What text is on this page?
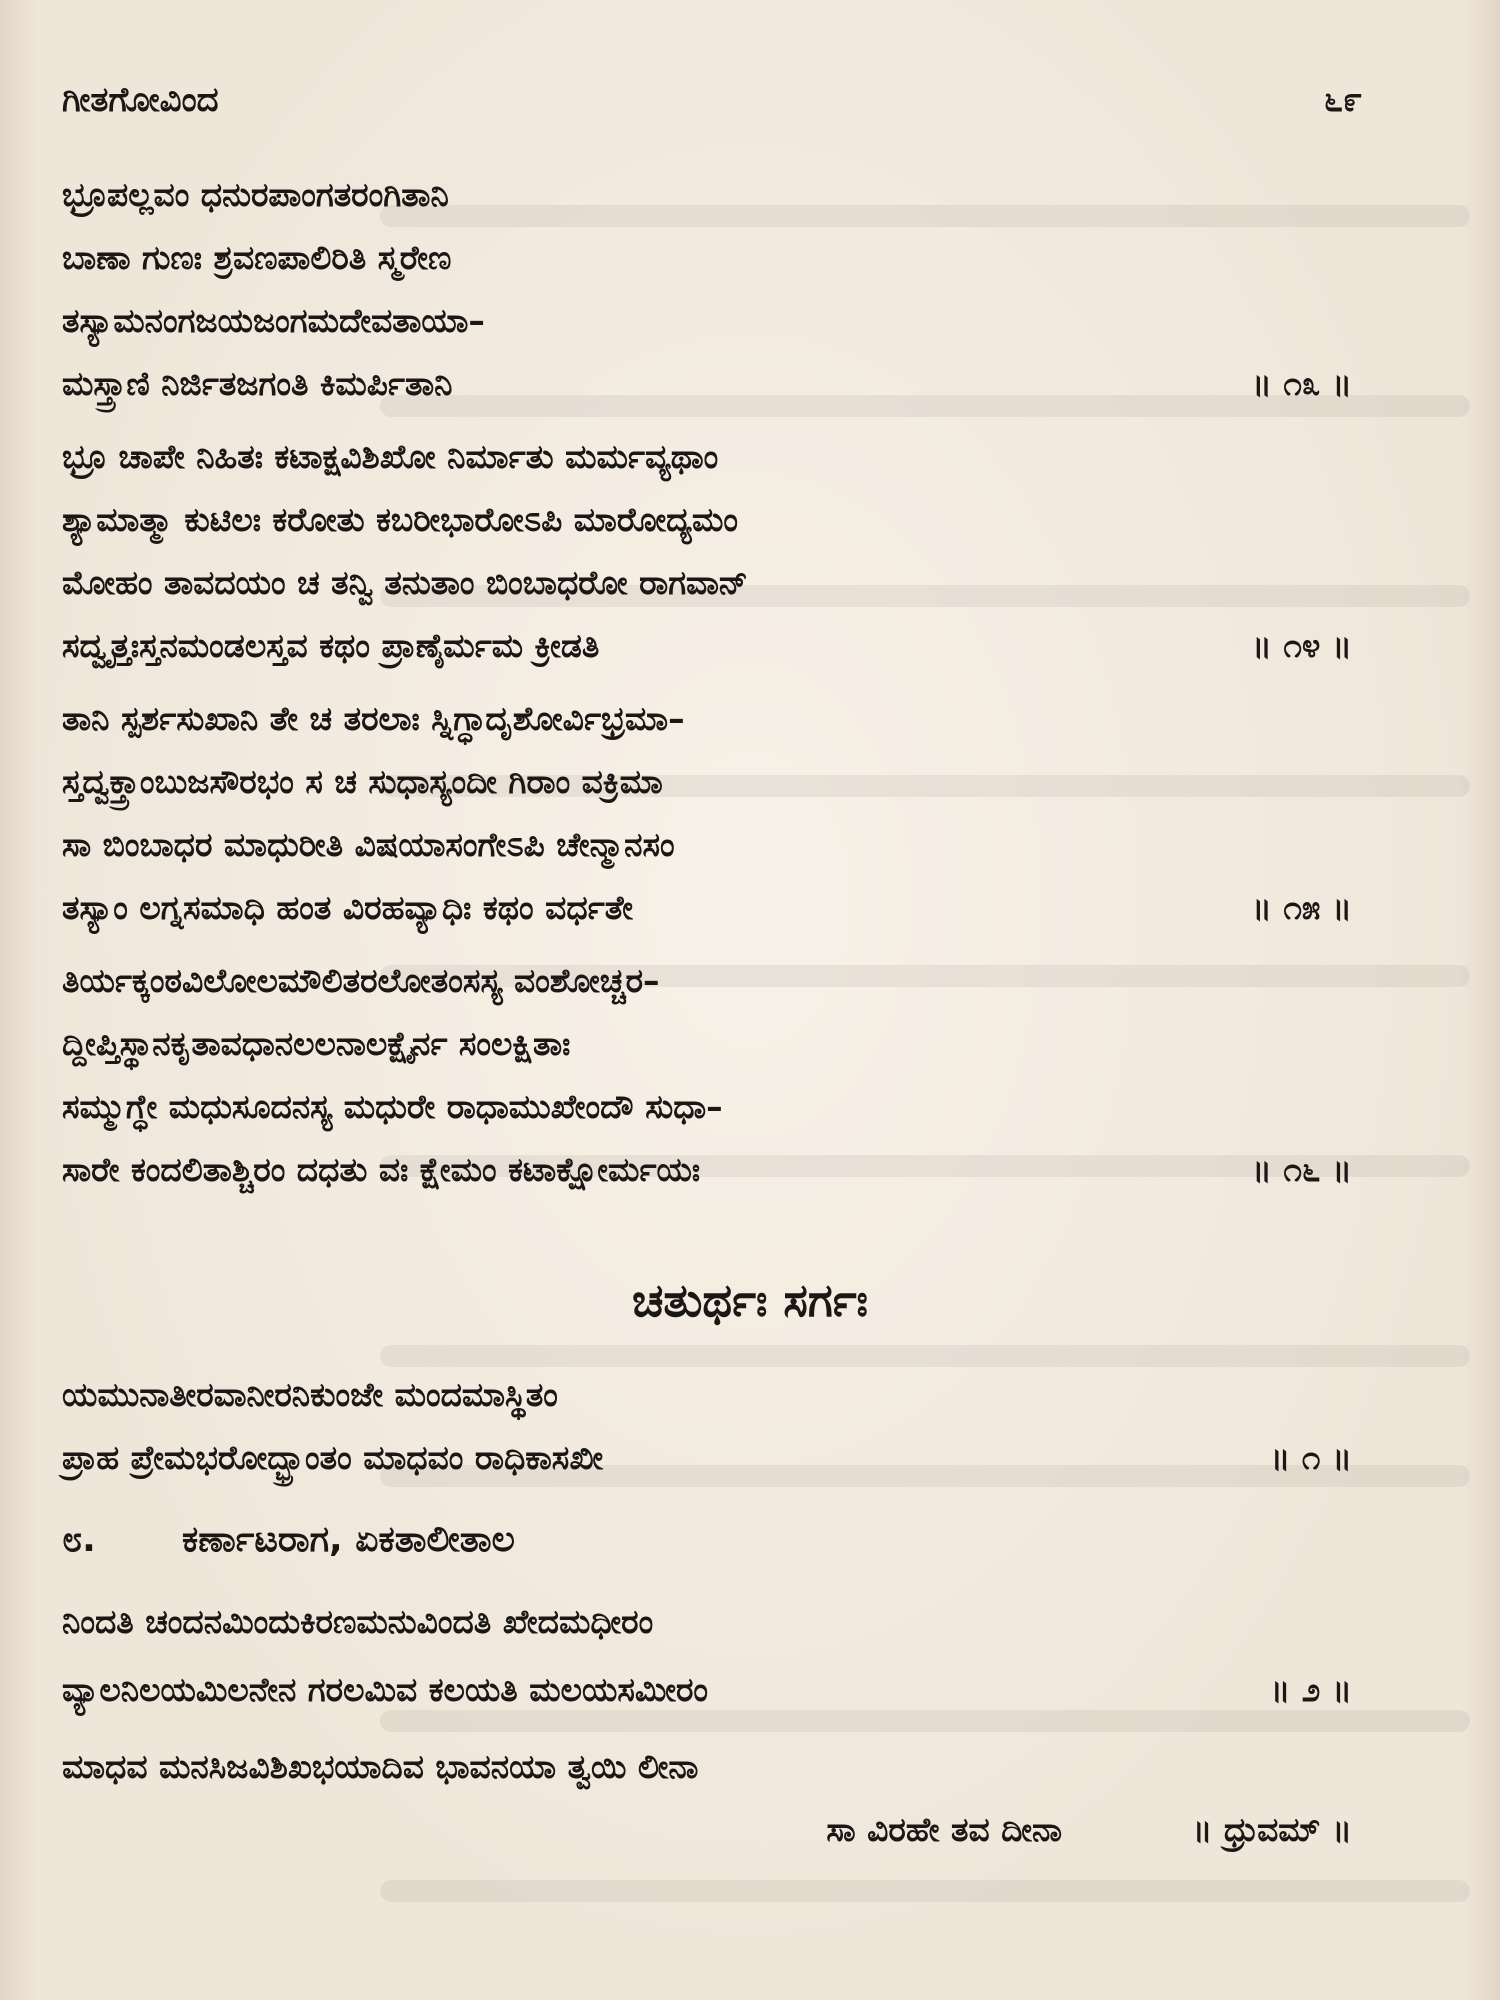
ಗೀತಗೋವಿಂದ	೬೯
ಭ್ರೂಪಲ್ಲವಂ ಧನುರಪಾಂಗತರಂಗಿತಾನಿ
ಬಾಣಾ ಗುಣಃ ಶ್ರವಣಪಾಲಿರಿತಿ ಸ್ಮರೇಣ
ತಸ್ಯಾಮನಂಗಜಯಜಂಗಮದೇವತಾಯಾ–
ಮಸ್ತ್ರಾಣಿ ನಿರ್ಜಿತಜಗಂತಿ ಕಿಮರ್ಪಿತಾನಿ	॥ ೧೩ ॥
ಭ್ರೂ ಚಾಪೇ ನಿಹಿತಃ ಕಟಾಕ್ಷವಿಶಿಖೋ ನಿರ್ಮಾತು ಮರ್ಮವ್ಯಥಾಂ
ಶ್ಯಾಮಾತ್ಮಾ ಕುಟಿಲಃ ಕರೋತು ಕಬರೀಭಾರೋಽಪಿ ಮಾರೋದ್ಯಮಂ
ಮೋಹಂ ತಾವದಯಂ ಚ ತನ್ವಿ ತನುತಾಂ ಬಿಂಬಾಧರೋ ರಾಗವಾನ್
ಸದ್ವೃತ್ತಃಸ್ತನಮಂಡಲಸ್ತವ ಕಥಂ ಪ್ರಾಣೈರ್ಮಮ ಕ್ರೀಡತಿ	॥ ೧೪ ॥
ತಾನಿ ಸ್ಪರ್ಶಸುಖಾನಿ ತೇ ಚ ತರಲಾಃ ಸ್ನಿಗ್ಧಾದೃಶೋರ್ವಿಭ್ರಮಾ–
ಸ್ತದ್ವಕ್ತ್ರಾಂಬುಜಸೌರಭಂ ಸ ಚ ಸುಧಾಸ್ಯಂದೀ ಗಿರಾಂ ವಕ್ರಿಮಾ
ಸಾ ಬಿಂಬಾಧರ ಮಾಧುರೀತಿ ವಿಷಯಾಸಂಗೇಽಪಿ ಚೇನ್ಮಾನಸಂ
ತಸ್ಯಾಂ ಲಗ್ನಸಮಾಧಿ ಹಂತ ವಿರಹವ್ಯಾಧಿಃ ಕಥಂ ವರ್ಧತೇ	॥ ೧೫ ॥
ತಿರ್ಯಕ್ಕಂಠವಿಲೋಲಮೌಲಿತರಲೋತಂಸಸ್ಯ ವಂಶೋಚ್ಚರ–
ದ್ದೀಪ್ತಿಸ್ಥಾನಕೃತಾವಧಾನಲಲನಾಲಕ್ಷೈರ್ನ ಸಂಲಕ್ಷಿತಾಃ
ಸಮ್ಮುಗ್ಧೇ ಮಧುಸೂದನಸ್ಯ ಮಧುರೇ ರಾಧಾಮುಖೇಂದೌ ಸುಧಾ–
ಸಾರೇ ಕಂದಲಿತಾಶ್ಚಿರಂ ದಧತು ವಃ ಕ್ಷೇಮಂ ಕಟಾಕ್ಷೋರ್ಮಯಃ	॥ ೧೬ ॥
ಚತುರ್ಥಃ ಸರ್ಗಃ
ಯಮುನಾತೀರವಾನೀರನಿಕುಂಜೇ ಮಂದಮಾಸ್ಥಿತಂ
ಪ್ರಾಹ ಪ್ರೇಮಭರೋದ್ಭ್ರಾಂತಂ ಮಾಧವಂ ರಾಧಿಕಾಸಖೀ	॥ ೧ ॥
೮. ಕರ್ಣಾಟರಾಗ, ಏಕತಾಲೀತಾಲ
ನಿಂದತಿ ಚಂದನಮಿಂದುಕಿರಣಮನುವಿಂದತಿ ಖೇದಮಧೀರಂ
ವ್ಯಾಲನಿಲಯಮಿಲನೇನ ಗರಲಮಿವ ಕಲಯತಿ ಮಲಯಸಮೀರಂ	॥ ೨ ॥
ಮಾಧವ ಮನಸಿಜವಿಶಿಖಭಯಾದಿವ ಭಾವನಯಾ ತ್ವಯಿ ಲೀನಾ
ಸಾ ವಿರಹೇ ತವ ದೀನಾ	॥ ಧ್ರುವಮ್ ॥
